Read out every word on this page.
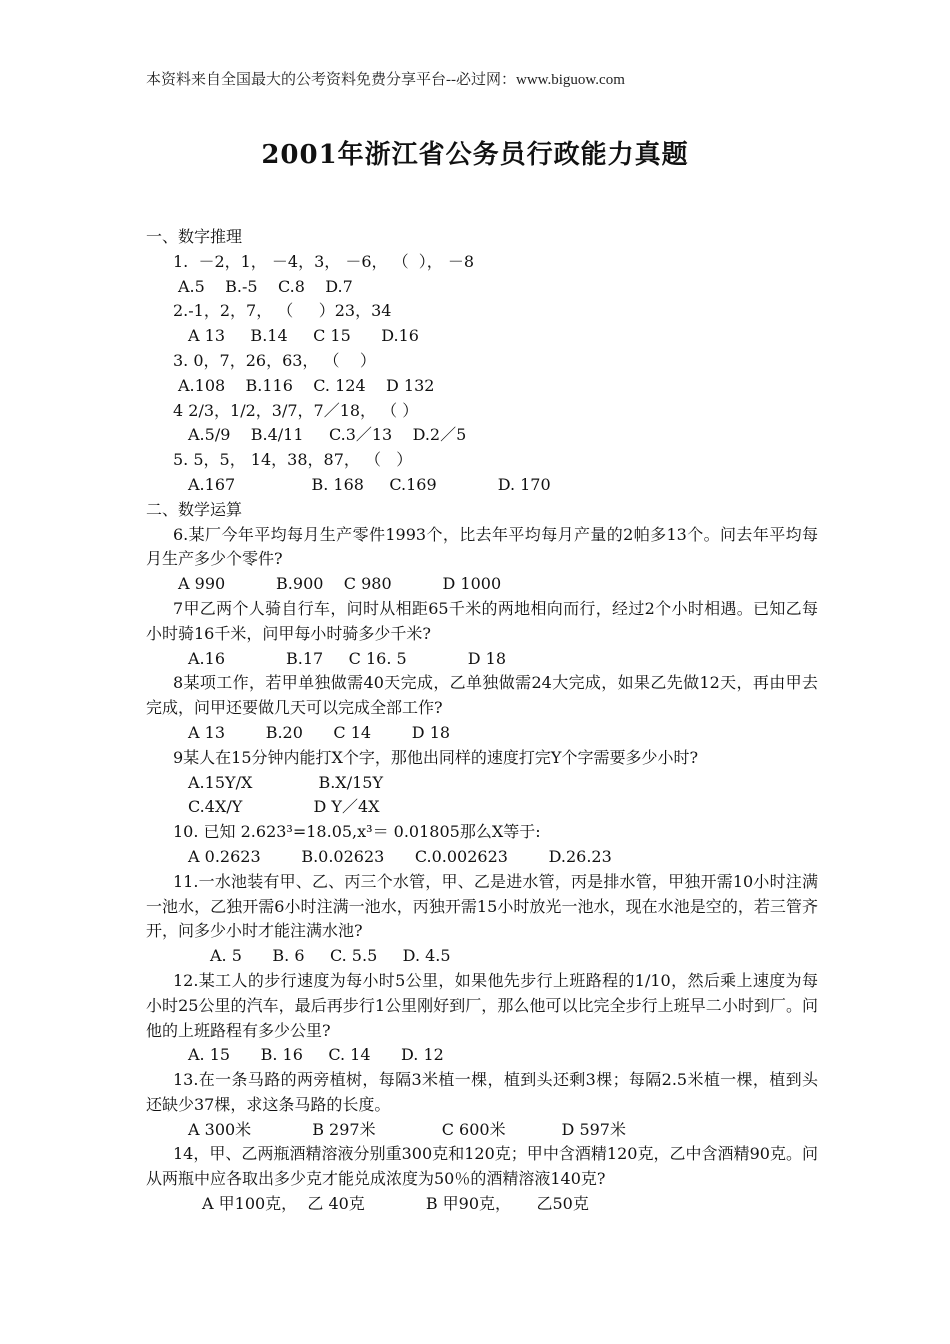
本资料来自全国最大的公考资料免费分享平台--必过网：www.biguow.com
2001年浙江省公务员行政能力真题
一、数字推理
1.  －2，1， －4，3， －6， （  ）， －8
A.5    B.-5    C.8    D.7
2.-1，2，7， （     ）23，34
A 13     B.14     C 15      D.16
3. 0，7，26，63， （    ）
A.108    B.116    C. 124    D 132
4 2/3，1/2，3/7，7／18， （ ）
A.5/9    B.4/11     C.3／13    D.2／5
5. 5，5， 14，38，87， （   ）
A.167               B. 168     C.169            D. 170
二、数学运算
6.某厂今年平均每月生产零件1993个，比去年平均每月产量的2帕多13个。问去年平均每月生产多少个零件?
A 990          B.900    C 980          D 1000
7甲乙两个人骑自行车，问时从相距65千米的两地相向而行，经过2个小时相遇。已知乙每小时骑16千米，问甲每小时骑多少千米?
A.16            B.17     C 16. 5            D 18
8某项工作，若甲单独做需40天完成，乙单独做需24大完成，如果乙先做12天，再由甲去完成，问甲还要做几天可以完成全部工作?
A 13        B.20      C 14        D 18
9某人在15分钟内能打X个字，那他出同样的速度打完Y个字需要多少小时?
A.15Y/X             B.X/15Y
C.4X/Y              D Y／4X
10. 已知 2.623³=18.05,x³＝ 0.01805那么X等于:
A 0.2623        B.0.02623      C.0.002623        D.26.23
11.一水池装有甲、乙、丙三个水管，甲、乙是进水管，丙是排水管，甲独开需10小时注满一池水，乙独开需6小时注满一池水，丙独开需15小时放光一池水，现在水池是空的，若三管齐开，问多少小时才能注满水池?
A. 5      B. 6     C. 5.5     D. 4.5
12.某工人的步行速度为每小时5公里，如果他先步行上班路程的1/10，然后乘上速度为每小时25公里的汽车，最后再步行1公里刚好到厂，那么他可以比完全步行上班早二小时到厂。问他的上班路程有多少公里?
A. 15      B. 16     C. 14      D. 12
13.在一条马路的两旁植树，每隔3米植一棵，植到头还剩3棵；每隔2.5米植一棵，植到头还缺少37棵，求这条马路的长度。
A 300米            B 297米             C 600米           D 597米
14，甲、乙两瓶酒精溶液分别重300克和120克；甲中含酒精120克，乙中含酒精90克。问从两瓶中应各取出多少克才能兑成浓度为50％的酒精溶液140克?
A 甲100克，  乙 40克            B 甲90克，     乙50克
